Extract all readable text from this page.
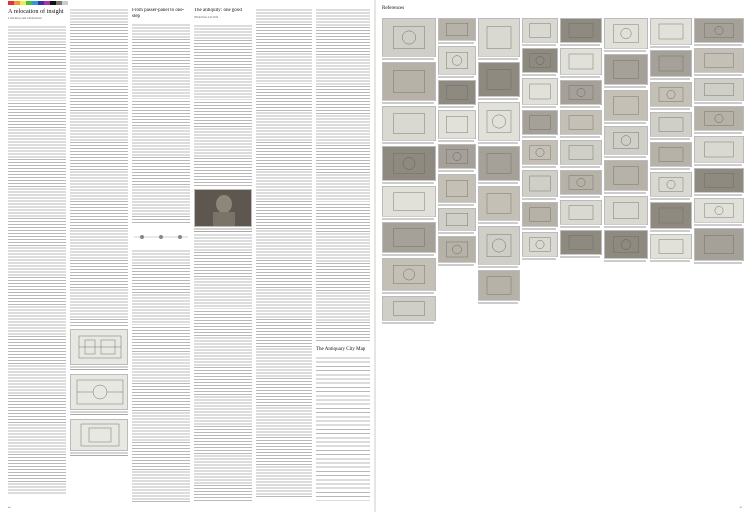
A relocation of insight

Colin Rowe and collaboration

From passer-panel to one-step
The antiquity: one good

Wilde Press Ltd 2012

The Antiquary City Map
44	45
References
